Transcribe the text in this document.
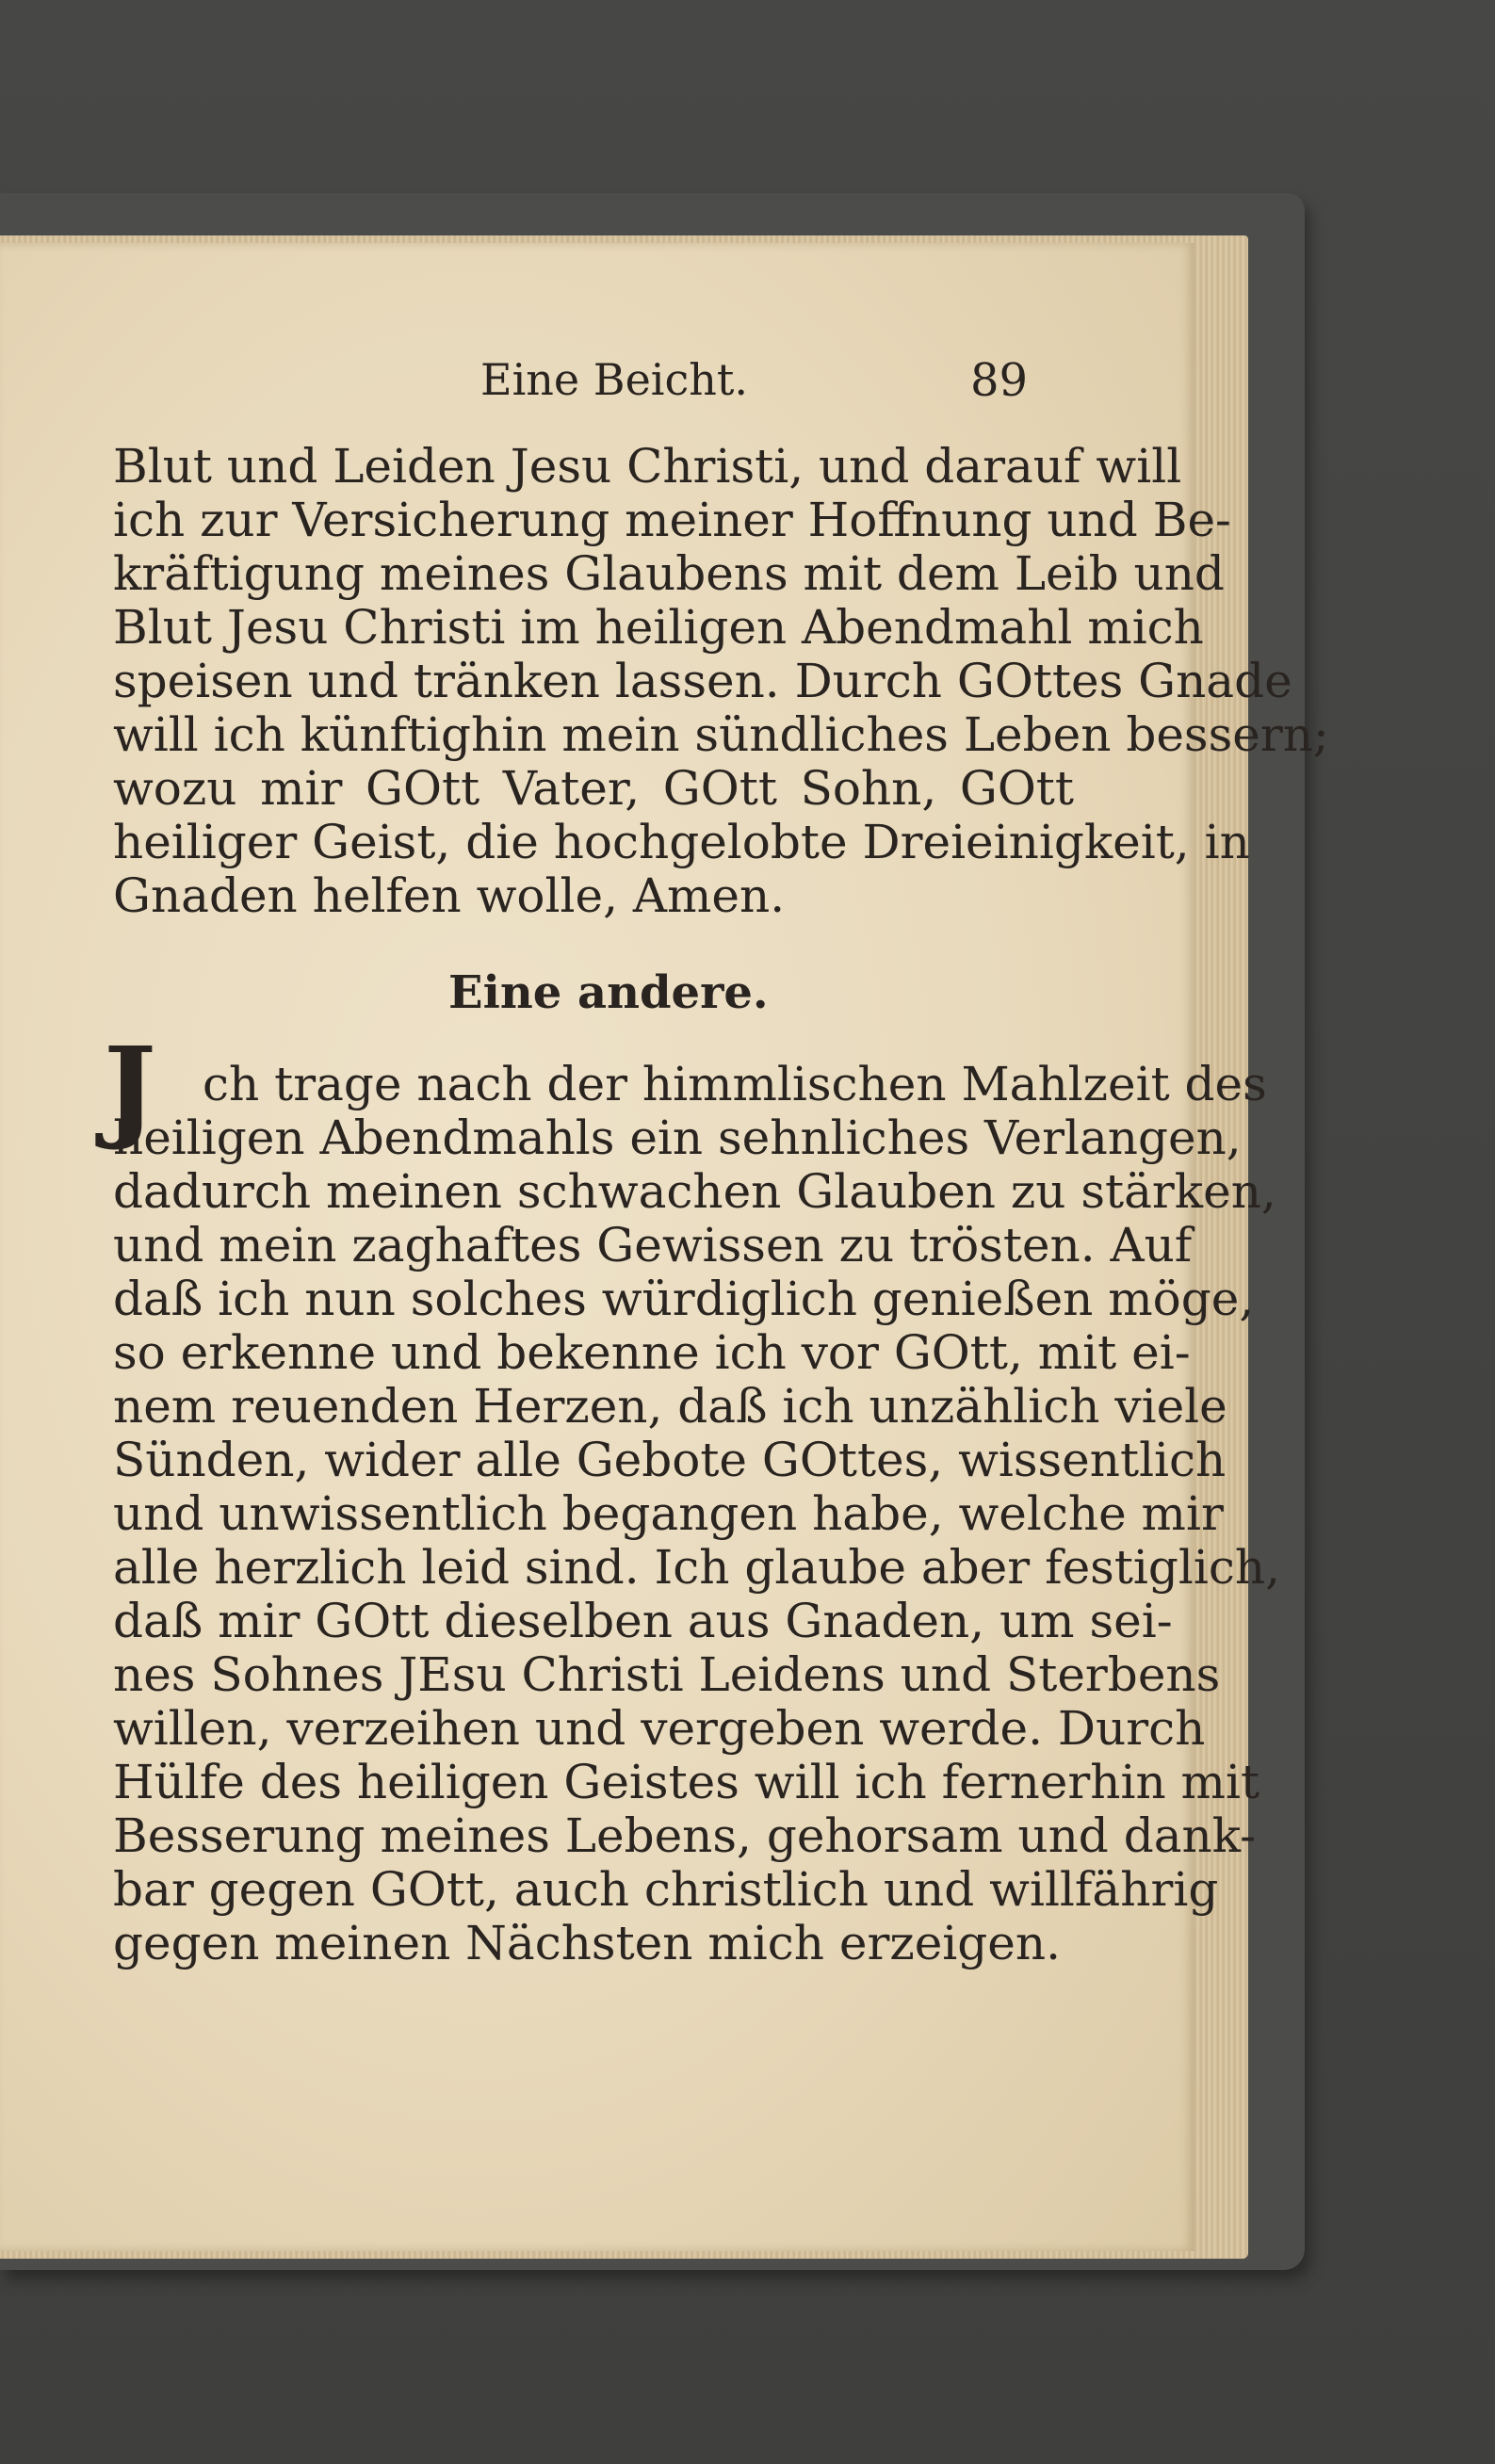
Eine Beicht.	89

Blut und Leiden Jesu Christi, und darauf will

ich zur Versicherung meiner Hoffnung und Be-

kräftigung meines Glaubens mit dem Leib und

Blut Jesu Christi im heiligen Abendmahl mich

speisen und tränken lassen. Durch GOttes Gnade

will ich künftighin mein sündliches Leben bessern;

wozu mir GOtt Vater, GOtt Sohn, GOtt

heiliger Geist, die hochgelobte Dreieinigkeit, in

Gnaden helfen wolle, Amen.

Eine andere.
J ch trage nach der himmlischen Mahlzeit des

heiligen Abendmahls ein sehnliches Verlangen,

dadurch meinen schwachen Glauben zu stärken,

und mein zaghaftes Gewissen zu trösten. Auf

daß ich nun solches würdiglich genießen möge,

so erkenne und bekenne ich vor GOtt, mit ei-

nem reuenden Herzen, daß ich unzählich viele

Sünden, wider alle Gebote GOttes, wissentlich

und unwissentlich begangen habe, welche mir

alle herzlich leid sind. Ich glaube aber festiglich,

daß mir GOtt dieselben aus Gnaden, um sei-

nes Sohnes JEsu Christi Leidens und Sterbens

willen, verzeihen und vergeben werde. Durch

Hülfe des heiligen Geistes will ich fernerhin mit

Besserung meines Lebens, gehorsam und dank-

bar gegen GOtt, auch christlich und willfährig

gegen meinen Nächsten mich erzeigen.
